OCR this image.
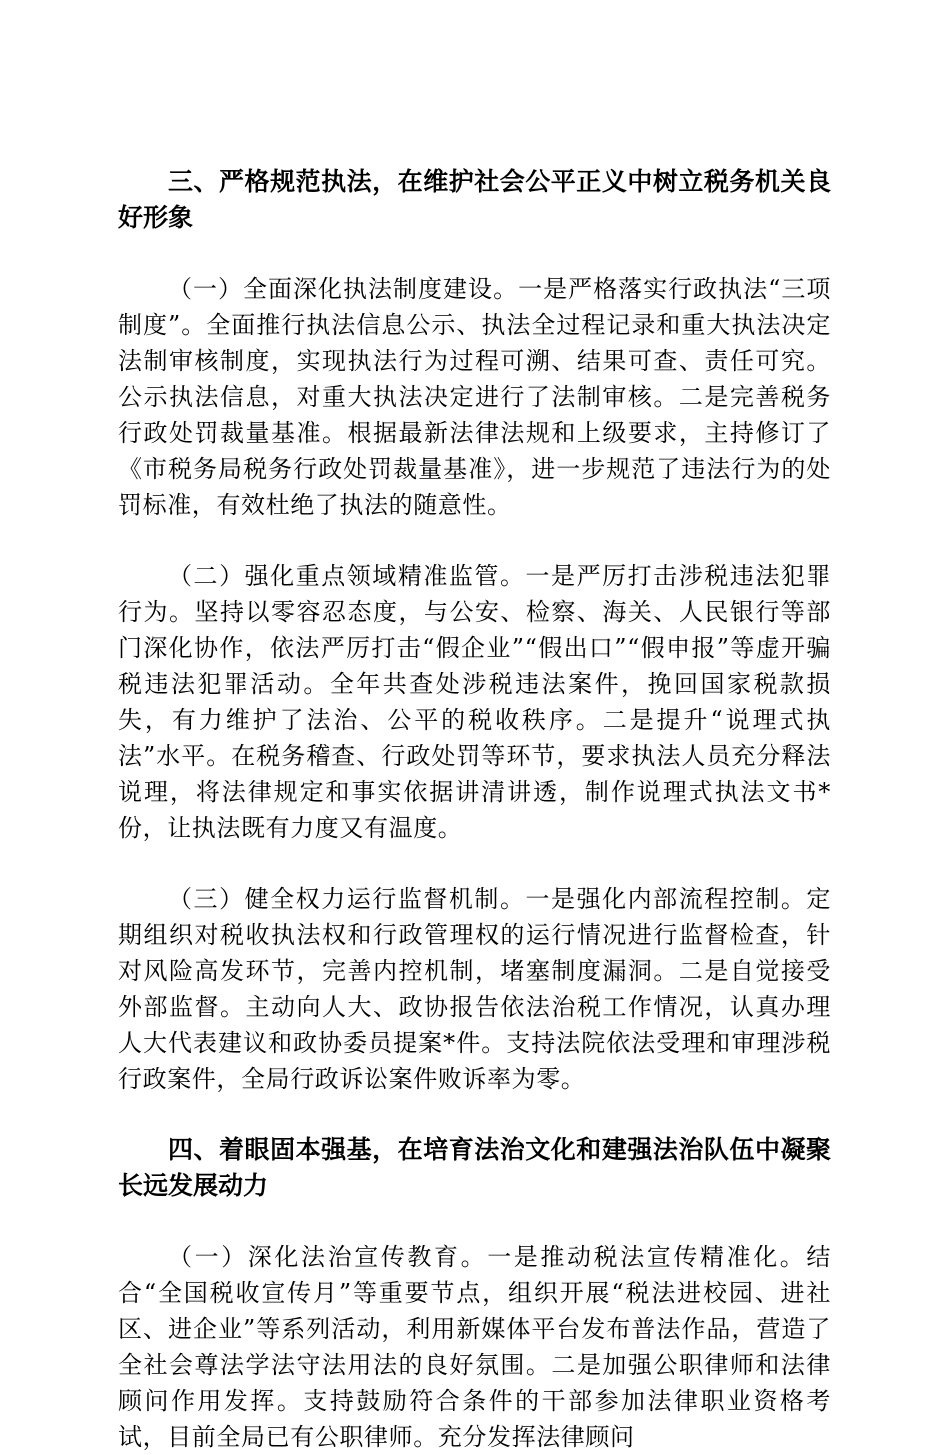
三、严格规范执法，在维护社会公平正义中树立税务机关良好形象

（一）全面深化执法制度建设。一是严格落实行政执法“三项制度”。全面推行执法信息公示、执法全过程记录和重大执法决定法制审核制度，实现执法行为过程可溯、结果可查、责任可究。公示执法信息，对重大执法决定进行了法制审核。二是完善税务行政处罚裁量基准。根据最新法律法规和上级要求，主持修订了《市税务局税务行政处罚裁量基准》，进一步规范了违法行为的处罚标准，有效杜绝了执法的随意性。

（二）强化重点领域精准监管。一是严厉打击涉税违法犯罪行为。坚持以零容忍态度，与公安、检察、海关、人民银行等部门深化协作，依法严厉打击“假企业”“假出口”“假申报”等虚开骗税违法犯罪活动。全年共查处涉税违法案件，挽回国家税款损失，有力维护了法治、公平的税收秩序。二是提升“说理式执法”水平。在税务稽查、行政处罚等环节，要求执法人员充分释法说理，将法律规定和事实依据讲清讲透，制作说理式执法文书*份，让执法既有力度又有温度。

（三）健全权力运行监督机制。一是强化内部流程控制。定期组织对税收执法权和行政管理权的运行情况进行监督检查，针对风险高发环节，完善内控机制，堵塞制度漏洞。二是自觉接受外部监督。主动向人大、政协报告依法治税工作情况，认真办理人大代表建议和政协委员提案*件。支持法院依法受理和审理涉税行政案件，全局行政诉讼案件败诉率为零。

四、着眼固本强基，在培育法治文化和建强法治队伍中凝聚长远发展动力

（一）深化法治宣传教育。一是推动税法宣传精准化。结合“全国税收宣传月”等重要节点，组织开展“税法进校园、进社区、进企业”等系列活动，利用新媒体平台发布普法作品，营造了全社会尊法学法守法用法的良好氛围。二是加强公职律师和法律顾问作用发挥。支持鼓励符合条件的干部参加法律职业资格考试，目前全局已有公职律师。充分发挥法律顾问
